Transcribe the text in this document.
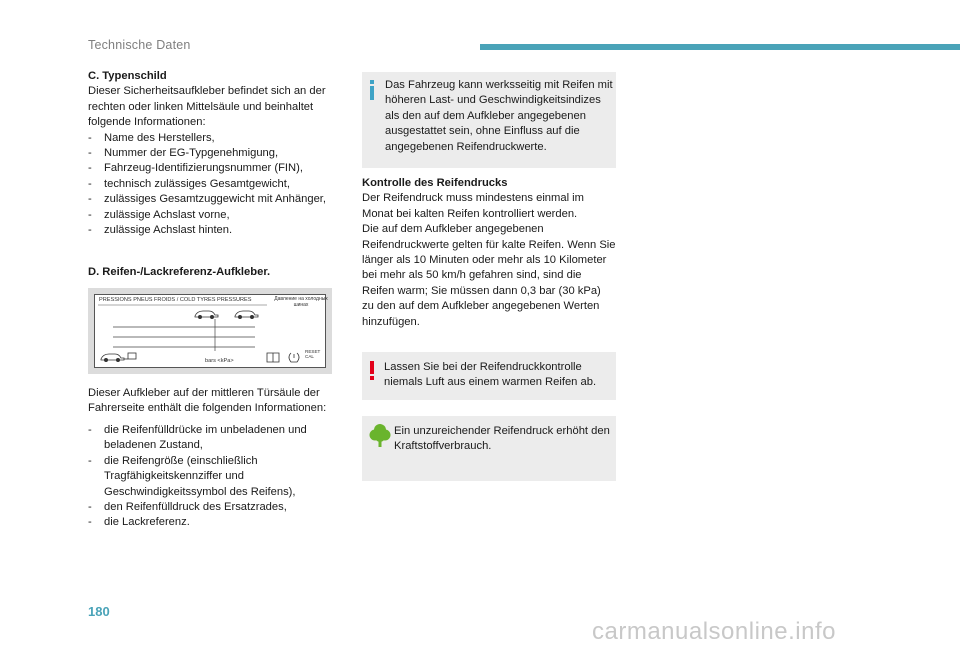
Technische Daten

C. Typenschild

Dieser Sicherheitsaufkleber befindet sich an der

rechten oder linken Mittelsäule und beinhaltet

folgende Informationen:

- Name des Herstellers,
- Nummer der EG-Typgenehmigung,
- Fahrzeug-Identifizierungsnummer (FIN),
- technisch zulässiges Gesamtgewicht,
- zulässiges Gesamtzuggewicht mit Anhänger,
- zulässige Achslast vorne,
- zulässige Achslast hinten.
D. Reifen-/Lackreferenz-Aufkleber.
PRESSIONS PNEUS FROIDS / COLD TYRES PRESSURES	Давление на холодных шинах
bars <kPa>
RESET CAL

Dieser Aufkleber auf der mittleren Türsäule der

Fahrerseite enthält die folgenden Informationen:

- die Reifenfülldrücke im unbeladenen und
beladenen Zustand,
- die Reifengröße (einschließlich
Tragfähigkeitskennziffer und
Geschwindigkeitssymbol des Reifens),
- den Reifenfülldruck des Ersatzrades,
- die Lackreferenz.
Das Fahrzeug kann werksseitig mit Reifen mit
höheren Last- und Geschwindigkeitsindizes
als den auf dem Aufkleber angegebenen
ausgestattet sein, ohne Einfluss auf die
angegebenen Reifendruckwerte.

Kontrolle des Reifendrucks

Der Reifendruck muss mindestens einmal im

Monat bei kalten Reifen kontrolliert werden.

Die auf dem Aufkleber angegebenen

Reifendruckwerte gelten für kalte Reifen. Wenn Sie

länger als 10 Minuten oder mehr als 10 Kilometer

bei mehr als 50 km/h gefahren sind, sind die

Reifen warm; Sie müssen dann 0,3 bar (30 kPa)

zu den auf dem Aufkleber angegebenen Werten

hinzufügen.

Lassen Sie bei der Reifendruckkontrolle
niemals Luft aus einem warmen Reifen ab.
Ein unzureichender Reifendruck erhöht den
Kraftstoffverbrauch.
180
carmanualsonline.info
